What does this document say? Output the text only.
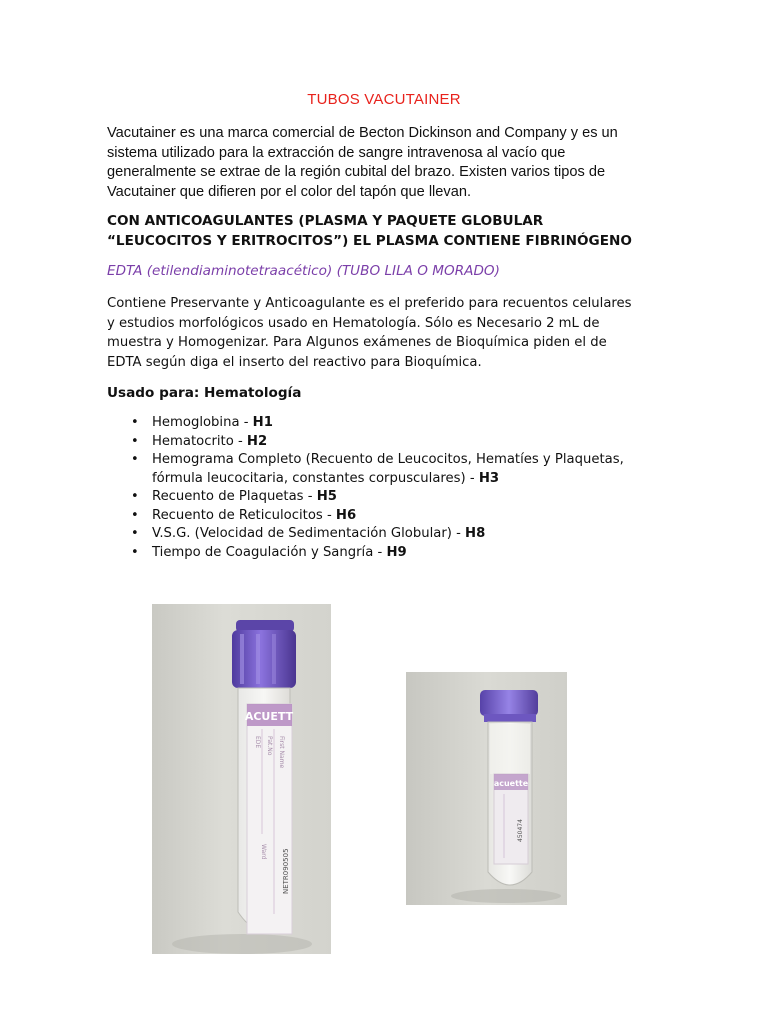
TUBOS VACUTAINER
Vacutainer es una marca comercial de Becton Dickinson and Company y es un
sistema utilizado para la extracción de sangre intravenosa al vacío que
generalmente se extrae de la región cubital del brazo. Existen varios tipos de
Vacutainer que difieren por el color del tapón que llevan.
CON ANTICOAGULANTES (PLASMA Y PAQUETE GLOBULAR
“LEUCOCITOS Y ERITROCITOS”) EL PLASMA CONTIENE FIBRINÓGENO
EDTA (etilendiaminotetraacético) (TUBO LILA O MORADO)
Contiene Preservante y Anticoagulante es el preferido para recuentos celulares
y estudios morfológicos usado en Hematología. Sólo es Necesario 2 mL de
muestra y Homogenizar. Para Algunos exámenes de Bioquímica piden el de
EDTA según diga el inserto del reactivo para Bioquímica.
Usado para: Hematología
• Hemoglobina - H1
• Hematocrito - H2
• Hemograma Completo (Recuento de Leucocitos, Hematíes y Plaquetas, fórmula leucocitaria, constantes corpusculares) - H3
• Recuento de Plaquetas - H5
• Recuento de Reticulocitos - H6
• V.S.G. (Velocidad de Sedimentación Globular) - H8
• Tiempo de Coagulación y Sangría - H9
ACUETT
First Name
Pat.No
EDE
Ward NETR090505
acuette
450474
